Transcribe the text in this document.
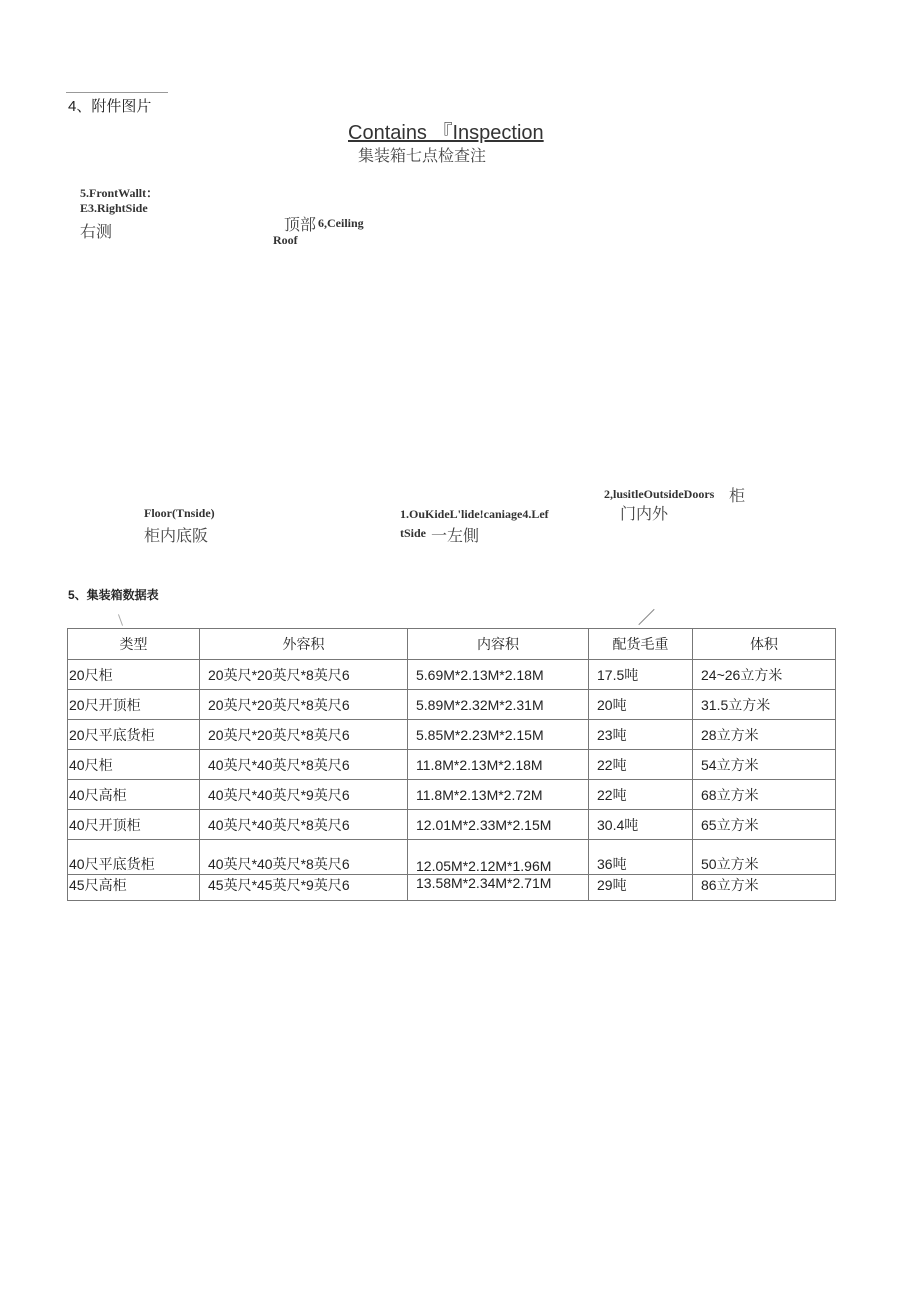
4、附件图片
Contains 『Inspection
集装箱七点检查注
5.FrontWallt：E3.RightSide
右测	顶部 6,Ceiling
Roof
Floor(Tnside)
柜内底阪
1.OuKideL'lide!caniage4.Lef
tSide 一左側
2,lusitleOutsideDoors 柜
门内外
5、集装箱数据表
类型	外容积	内容积	配货毛重	体积
20尺柜	20英尺*20英尺*8英尺6	5.69M*2.13M*2.18M	17.5吨	24~26立方米
20尺开顶柜	20英尺*20英尺*8英尺6	5.89M*2.32M*2.31M	20吨	31.5立方米
20尺平底货柜	20英尺*20英尺*8英尺6	5.85M*2.23M*2.15M	23吨	28立方米
40尺柜	40英尺*40英尺*8英尺6	11.8M*2.13M*2.18M	22吨	54立方米
40尺高柜	40英尺*40英尺*9英尺6	11.8M*2.13M*2.72M	22吨	68立方米
40尺开顶柜	40英尺*40英尺*8英尺6	12.01M*2.33M*2.15M	30.4吨	65立方米
40尺平底货柜	40英尺*40英尺*8英尺6	12.05M*2.12M*1.96M	36吨	50立方米
45尺高柜	45英尺*45英尺*9英尺6	13.58M*2.34M*2.71M	29吨	86立方米
